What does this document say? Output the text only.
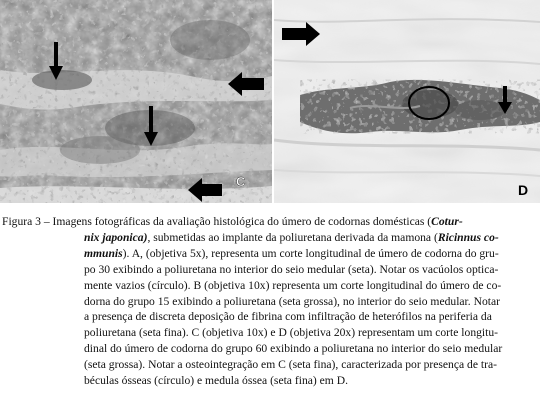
C
D
Figura 3 – Imagens fotográficas da avaliação histológica do úmero de codornas domésticas (Cotur-
nix japonica), submetidas ao implante da poliuretana derivada da mamona (Ricinnus co-
mmunis). A, (objetiva 5x), representa um corte longitudinal de úmero de codorna do gru-
po 30 exibindo a poliuretana no interior do seio medular (seta). Notar os vacúolos optica-
mente vazios (círculo). B (objetiva 10x) representa um corte longitudinal do úmero de co-
dorna do grupo 15 exibindo a poliuretana (seta grossa), no interior do seio medular. Notar
a presença de discreta deposição de fibrina com infiltração de heterófilos na periferia da
poliuretana (seta fina). C (objetiva 10x) e D (objetiva 20x) representam um corte longitu-
dinal do úmero de codorna do grupo 60 exibindo a poliuretana no interior do seio medular
(seta grossa). Notar a osteointegração em C (seta fina), caracterizada por presença de tra-
béculas ósseas (círculo) e medula óssea (seta fina) em D.
